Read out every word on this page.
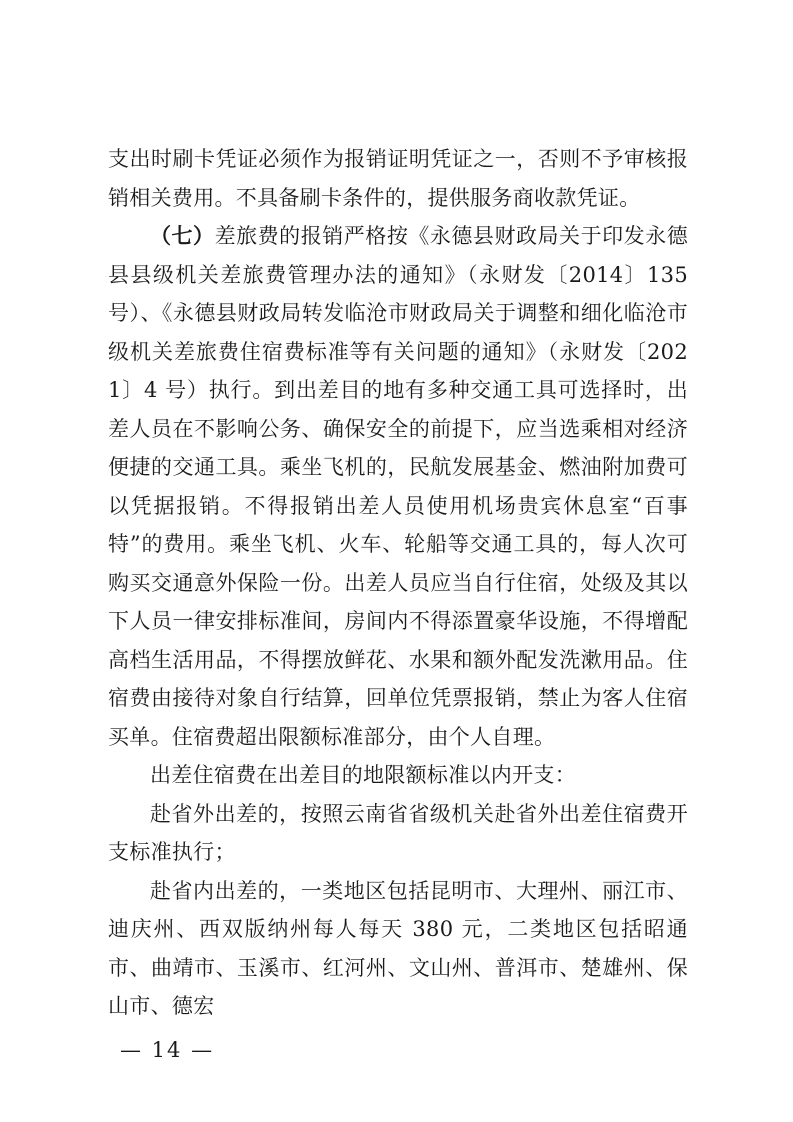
支出时刷卡凭证必须作为报销证明凭证之一，否则不予审核报销相关费用。不具备刷卡条件的，提供服务商收款凭证。

（七）差旅费的报销严格按《永德县财政局关于印发永德县县级机关差旅费管理办法的通知》（永财发〔2014〕135 号）、《永德县财政局转发临沧市财政局关于调整和细化临沧市级机关差旅费住宿费标准等有关问题的通知》（永财发〔2021〕4 号）执行。到出差目的地有多种交通工具可选择时，出差人员在不影响公务、确保安全的前提下，应当选乘相对经济便捷的交通工具。乘坐飞机的，民航发展基金、燃油附加费可以凭据报销。不得报销出差人员使用机场贵宾休息室“百事特”的费用。乘坐飞机、火车、轮船等交通工具的，每人次可购买交通意外保险一份。出差人员应当自行住宿，处级及其以下人员一律安排标准间，房间内不得添置豪华设施，不得增配高档生活用品，不得摆放鲜花、水果和额外配发洗漱用品。住宿费由接待对象自行结算，回单位凭票报销，禁止为客人住宿买单。住宿费超出限额标准部分，由个人自理。

出差住宿费在出差目的地限额标准以内开支：

赴省外出差的，按照云南省省级机关赴省外出差住宿费开支标准执行；

赴省内出差的，一类地区包括昆明市、大理州、丽江市、迪庆州、西双版纳州每人每天 380 元，二类地区包括昭通市、曲靖市、玉溪市、红河州、文山州、普洱市、楚雄州、保山市、德宏

— 14 —
